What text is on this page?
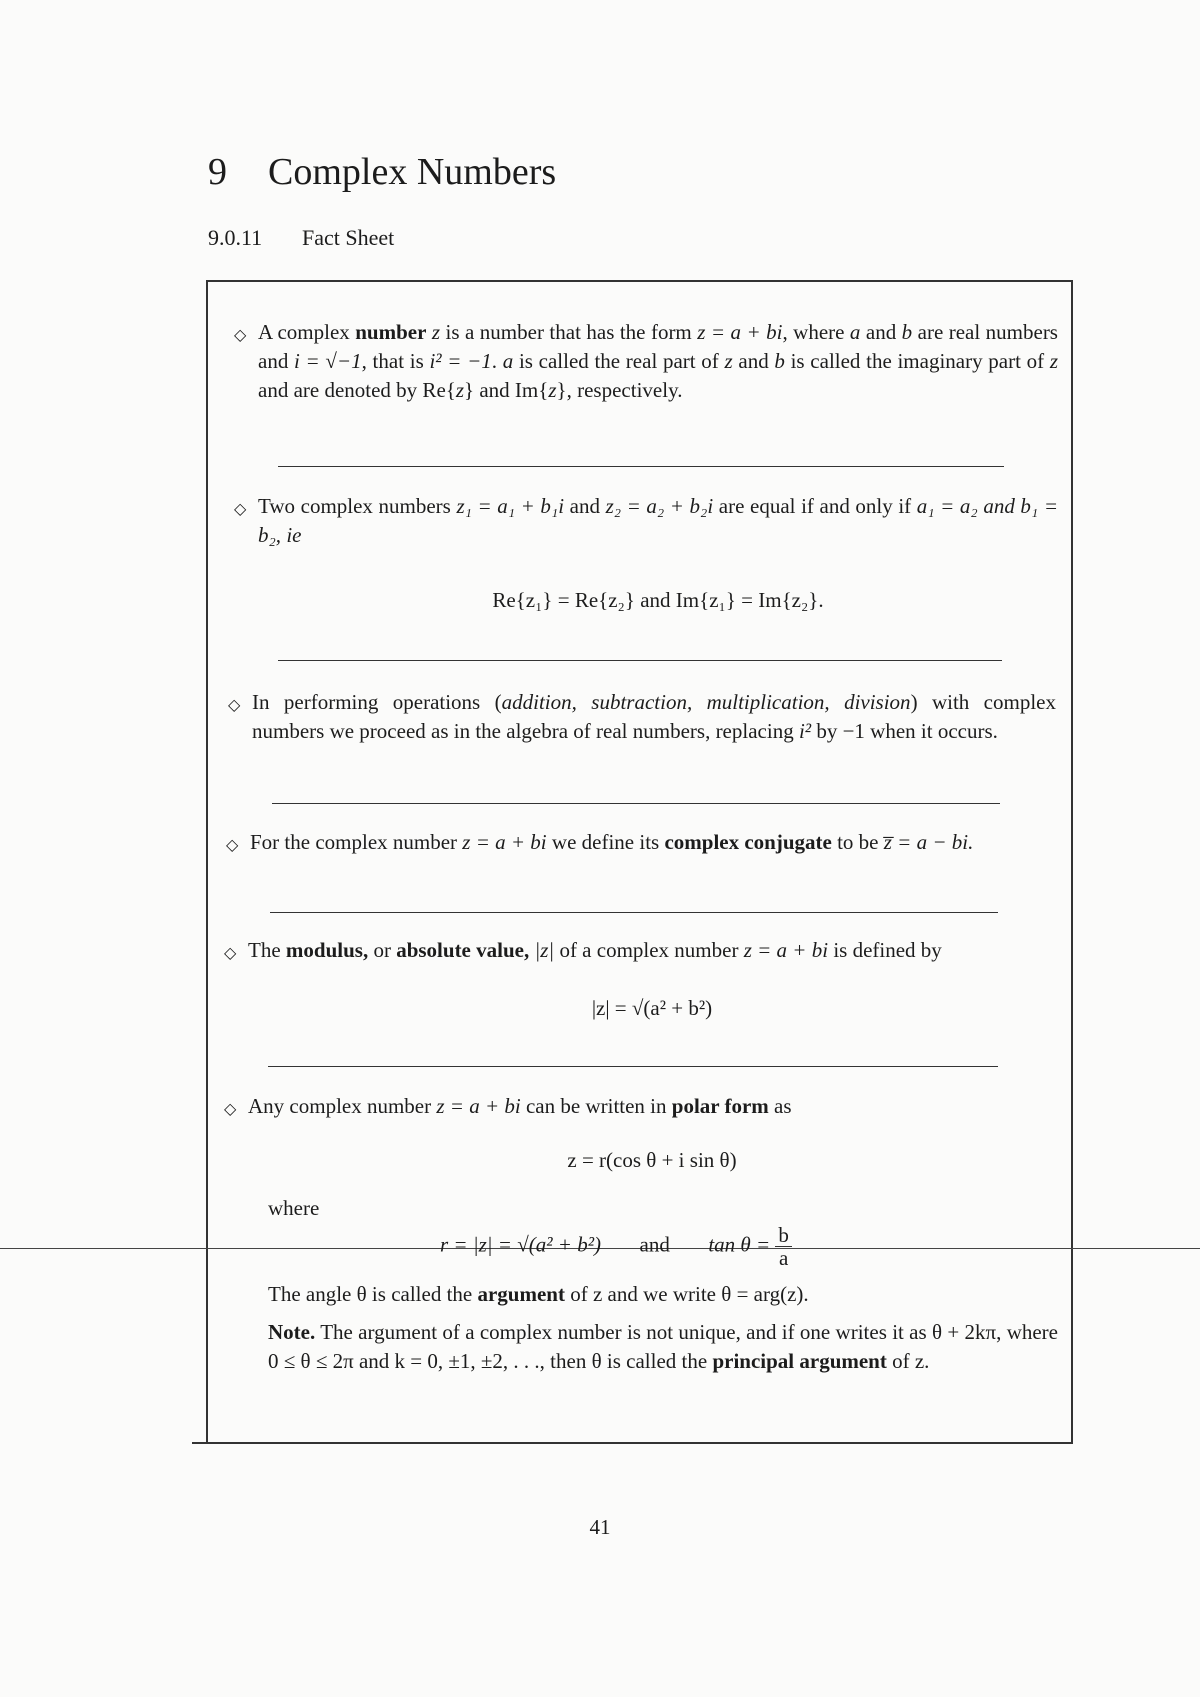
9 Complex Numbers
9.0.11 Fact Sheet
◇ A complex number z is a number that has the form z = a + bi, where a and b are real numbers and i = √−1, that is i² = −1. a is called the real part of z and b is called the imaginary part of z and are denoted by Re{z} and Im{z}, respectively.

◇ Two complex numbers z₁ = a₁ + b₁i and z₂ = a₂ + b₂i are equal if and only if a₁ = a₂ and b₁ = b₂, ie

Re{z₁} = Re{z₂} and Im{z₁} = Im{z₂}.
◇ In performing operations (addition, subtraction, multiplication, division) with complex numbers we proceed as in the algebra of real numbers, replacing i² by −1 when it occurs.

◇ For the complex number z = a + bi we define its complex conjugate to be z̅ = a − bi.

◇ The modulus, or absolute value, |z| of a complex number z = a + bi is defined by

|z| = √(a² + b²)
◇ Any complex number z = a + bi can be written in polar form as

z = r(cos θ + i sin θ)
where
r = |z| = √(a² + b²) and $\tan \theta = \frac{b}{a}$

The angle θ is called the argument of z and we write θ = arg(z).

Note. The argument of a complex number is not unique, and if one writes it as θ + 2kπ, where 0 ≤ θ ≤ 2π and k = 0, ±1, ±2, . . ., then θ is called the principal argument of z.

41
